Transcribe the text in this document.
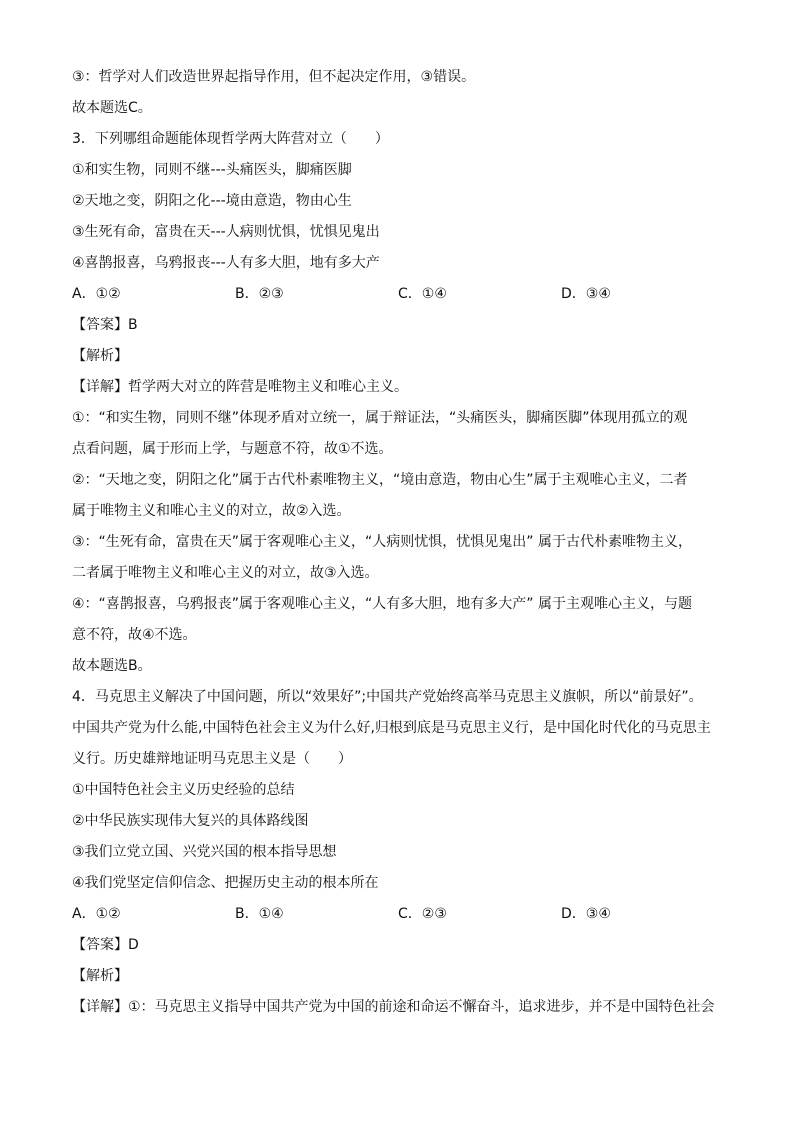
③：哲学对人们改造世界起指导作用，但不起决定作用，③错误。
故本题选C。
3．下列哪组命题能体现哲学两大阵营对立（　　）
①和实生物，同则不继---头痛医头，脚痛医脚
②天地之变，阴阳之化---境由意造，物由心生
③生死有命，富贵在天---人病则忧惧，忧惧见鬼出
④喜鹊报喜，乌鸦报丧---人有多大胆，地有多大产
A．①②	B．②③	C．①④	D．③④
【答案】B
【解析】
【详解】哲学两大对立的阵营是唯物主义和唯心主义。
①：“和实生物，同则不继”体现矛盾对立统一，属于辩证法，“头痛医头，脚痛医脚”体现用孤立的观
点看问题，属于形而上学，与题意不符，故①不选。
②：“天地之变，阴阳之化”属于古代朴素唯物主义，“境由意造，物由心生”属于主观唯心主义，二者
属于唯物主义和唯心主义的对立，故②入选。
③：“生死有命，富贵在天”属于客观唯心主义，“人病则忧惧，忧惧见鬼出” 属于古代朴素唯物主义，
二者属于唯物主义和唯心主义的对立，故③入选。
④：“喜鹊报喜，乌鸦报丧”属于客观唯心主义，“人有多大胆，地有多大产” 属于主观唯心主义，与题
意不符，故④不选。
故本题选B。
4．马克思主义解决了中国问题，所以“效果好”;中国共产党始终高举马克思主义旗帜，所以“前景好”。
中国共产党为什么能,中国特色社会主义为什么好,归根到底是马克思主义行，是中国化时代化的马克思主
义行。历史雄辩地证明马克思主义是（　　）
①中国特色社会主义历史经验的总结
②中华民族实现伟大复兴的具体路线图
③我们立党立国、兴党兴国的根本指导思想
④我们党坚定信仰信念、把握历史主动的根本所在
A．①②	B．①④	C．②③	D．③④
【答案】D
【解析】
【详解】①：马克思主义指导中国共产党为中国的前途和命运不懈奋斗，追求进步，并不是中国特色社会
